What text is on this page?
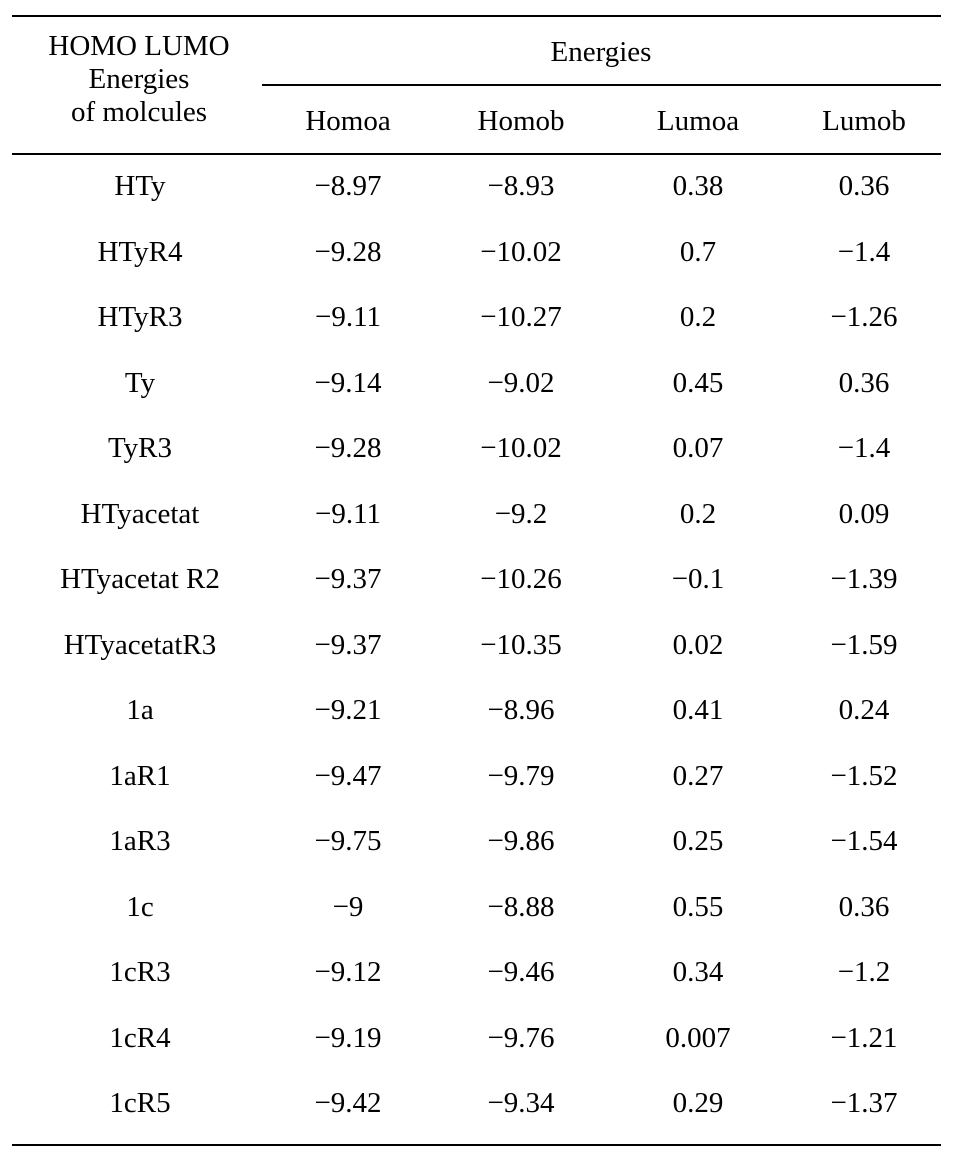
HOMO LUMO
Energies
of molcules
Energies
Homoa	Homob	Lumoa	Lumob
HTy	−8.97	−8.93	0.38	0.36
HTyR4	−9.28	−10.02	0.7	−1.4
HTyR3	−9.11	−10.27	0.2	−1.26
Ty	−9.14	−9.02	0.45	0.36
TyR3	−9.28	−10.02	0.07	−1.4
HTyacetat	−9.11	−9.2	0.2	0.09
HTyacetat R2	−9.37	−10.26	−0.1	−1.39
HTyacetatR3	−9.37	−10.35	0.02	−1.59
1a	−9.21	−8.96	0.41	0.24
1aR1	−9.47	−9.79	0.27	−1.52
1aR3	−9.75	−9.86	0.25	−1.54
1c	−9	−8.88	0.55	0.36
1cR3	−9.12	−9.46	0.34	−1.2
1cR4	−9.19	−9.76	0.007	−1.21
1cR5	−9.42	−9.34	0.29	−1.37
